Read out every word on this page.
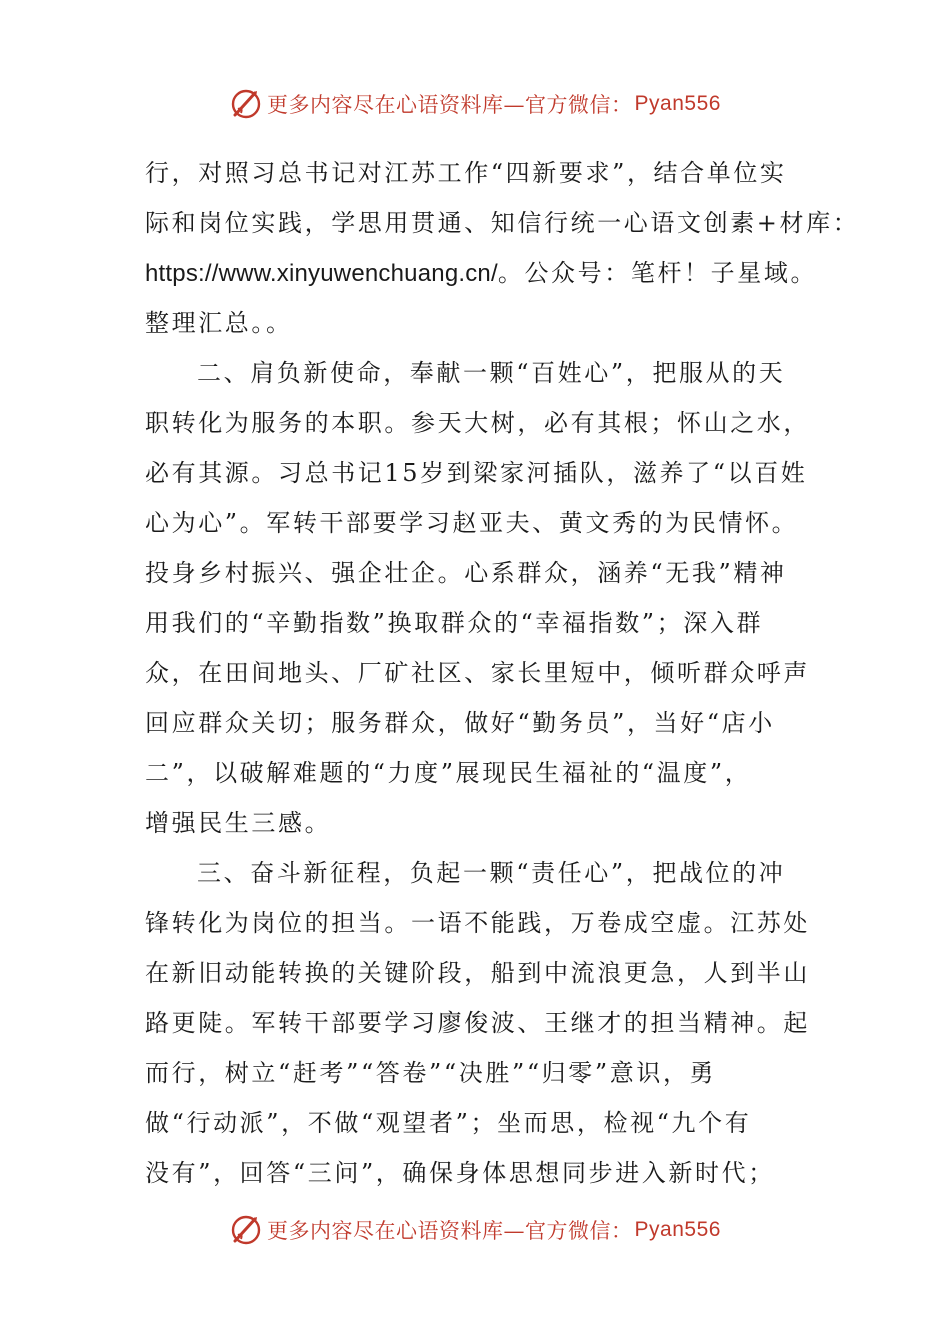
更多内容尽在心语资料库—官方微信： Pyan556
行，对照习总书记对江苏工作“四新要求”，结合单位实
际和岗位实践，学思用贯通、知信行统一心语文创素+材库：
https://www.xinyuwenchuang.cn/。公众号：笔杆！子星域。
整理汇总。。
二、肩负新使命，奉献一颗“百姓心”，把服从的天
职转化为服务的本职。参天大树，必有其根；怀山之水，
必有其源。习总书记15岁到梁家河插队，滋养了“以百姓
心为心”。军转干部要学习赵亚夫、黄文秀的为民情怀。
投身乡村振兴、强企壮企。心系群众，涵养“无我”精神
用我们的“辛勤指数”换取群众的“幸福指数”；深入群
众，在田间地头、厂矿社区、家长里短中，倾听群众呼声
回应群众关切；服务群众，做好“勤务员”，当好“店小
二”，以破解难题的“力度”展现民生福祉的“温度”，
增强民生三感。
三、奋斗新征程，负起一颗“责任心”，把战位的冲
锋转化为岗位的担当。一语不能践，万卷成空虚。江苏处
在新旧动能转换的关键阶段，船到中流浪更急，人到半山
路更陡。军转干部要学习廖俊波、王继才的担当精神。起
而行，树立“赶考”“答卷”“决胜”“归零”意识，勇
做“行动派”，不做“观望者”；坐而思，检视“九个有
没有”，回答“三问”，确保身体思想同步进入新时代；
更多内容尽在心语资料库—官方微信： Pyan556
